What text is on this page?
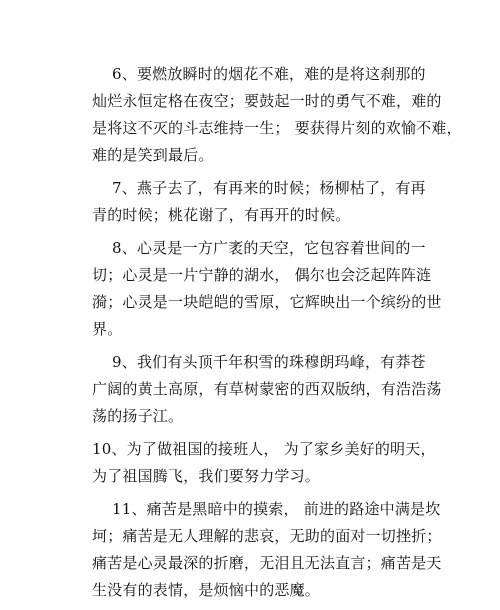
6、要燃放瞬时的烟花不难，难的是将这刹那的
灿烂永恒定格在夜空；要鼓起一时的勇气不难，难的
是将这不灭的斗志维持一生； 要获得片刻的欢愉不难，
难的是笑到最后。

7、燕子去了，有再来的时候；杨柳枯了，有再
青的时候；桃花谢了，有再开的时候。

8、心灵是一方广袤的天空，它包容着世间的一
切；心灵是一片宁静的湖水， 偶尔也会泛起阵阵涟
漪；心灵是一块皑皑的雪原，它辉映出一个缤纷的世
界。

9、我们有头顶千年积雪的珠穆朗玛峰，有莽苍
广阔的黄土高原，有草树蒙密的西双版纳，有浩浩荡
荡的扬子江。

10、为了做祖国的接班人， 为了家乡美好的明天，
为了祖国腾飞，我们要努力学习。

11、痛苦是黑暗中的摸索， 前进的路途中满是坎
坷；痛苦是无人理解的悲哀，无助的面对一切挫折；
痛苦是心灵最深的折磨，无泪且无法直言；痛苦是天
生没有的表情，是烦恼中的恶魔。
